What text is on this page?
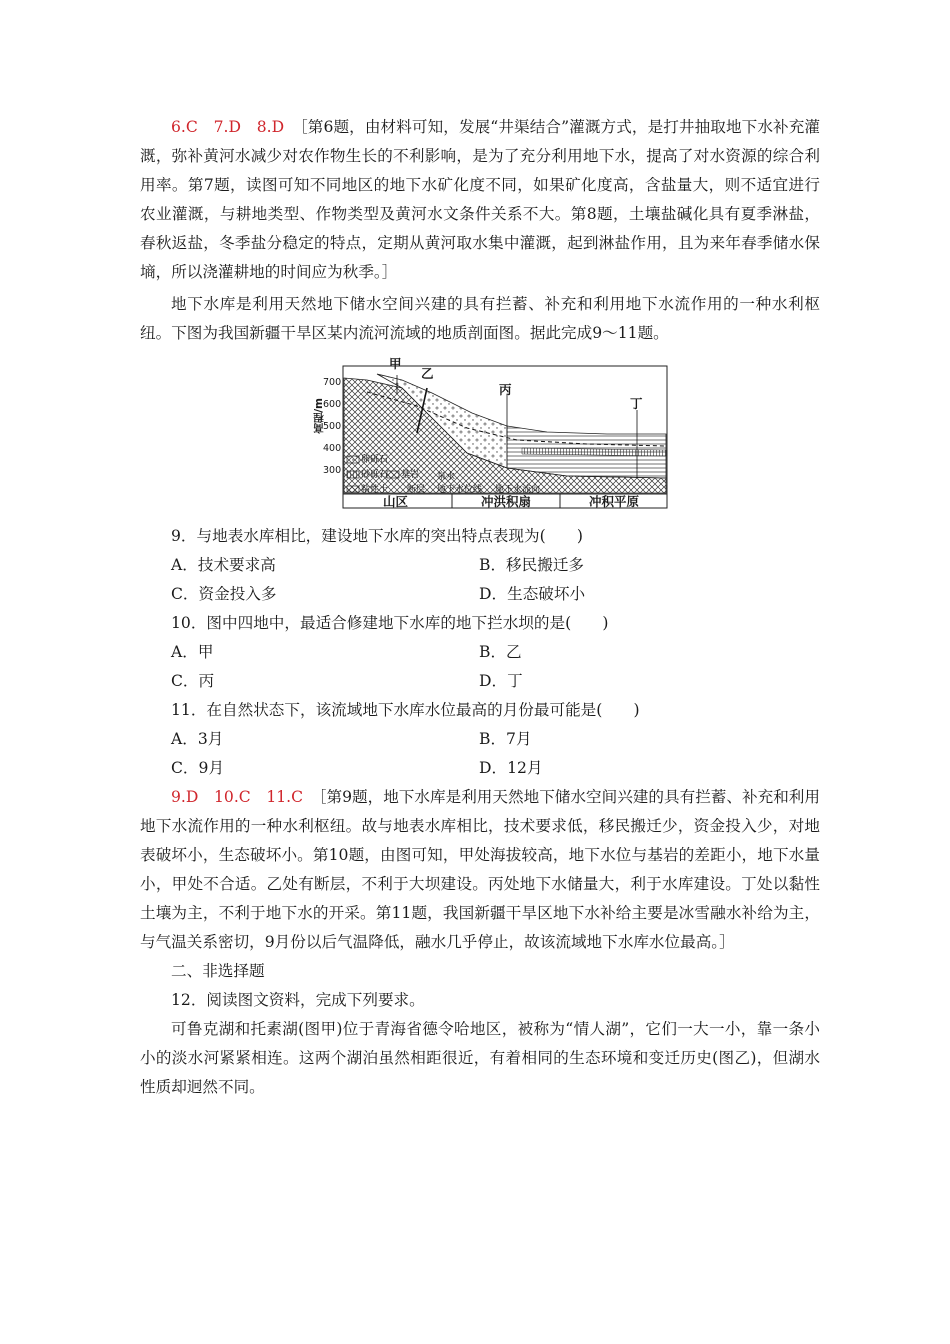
6.C　7.D　8.D　 ［第6题，由材料可知，发展“井渠结合”灌溉方式，是打井抽取地下水补充灌溉，弥补黄河水减少对农作物生长的不利影响，是为了充分利用地下水，提高了对水资源的综合利用率。第7题，读图可知不同地区的地下水矿化度不同，如果矿化度高，含盐量大，则不适宜进行农业灌溉，与耕地类型、作物类型及黄河水文条件关系不大。第8题，土壤盐碱化具有夏季淋盐，春秋返盐，冬季盐分稳定的特点，定期从黄河取水集中灌溉，起到淋盐作用，且为来年春季储水保墒，所以浇灌耕地的时间应为秋季。］

地下水库是利用天然地下储水空间兴建的具有拦蓄、补充和利用地下水流作用的一种水利枢纽。下图为我国新疆干旱区某内流河流域的地质剖面图。据此完成9～11题。

高程/m
700
600
500
400
300
甲
乙
丙
丁
卵砾石
砂砾石 基岩 泉水
粘性土 断层 地下水位线 地下水流向
山区	冲洪积扇	冲积平原

9．与地表水库相比，建设地下水库的突出特点表现为(　　)

A．技术要求高	B．移民搬迁多
C．资金投入多	D．生态破坏小

10．图中四地中，最适合修建地下水库的地下拦水坝的是(　　)

A．甲	B．乙
C．丙	D．丁

11．在自然状态下，该流域地下水库水位最高的月份最可能是(　　)

A．3月	B．7月
C．9月	D．12月

9.D　10.C　11.C　 ［第9题，地下水库是利用天然地下储水空间兴建的具有拦蓄、补充和利用地下水流作用的一种水利枢纽。故与地表水库相比，技术要求低，移民搬迁少，资金投入少，对地表破坏小，生态破坏小。第10题，由图可知，甲处海拔较高，地下水位与基岩的差距小，地下水量小，甲处不合适。乙处有断层，不利于大坝建设。丙处地下水储量大，利于水库建设。丁处以黏性土壤为主，不利于地下水的开采。第11题，我国新疆干旱区地下水补给主要是冰雪融水补给为主，与气温关系密切，9月份以后气温降低，融水几乎停止，故该流域地下水库水位最高。］

二、非选择题

12．阅读图文资料，完成下列要求。

可鲁克湖和托素湖(图甲)位于青海省德令哈地区，被称为“情人湖”，它们一大一小，靠一条小小的淡水河紧紧相连。这两个湖泊虽然相距很近，有着相同的生态环境和变迁历史(图乙)，但湖水性质却迥然不同。
